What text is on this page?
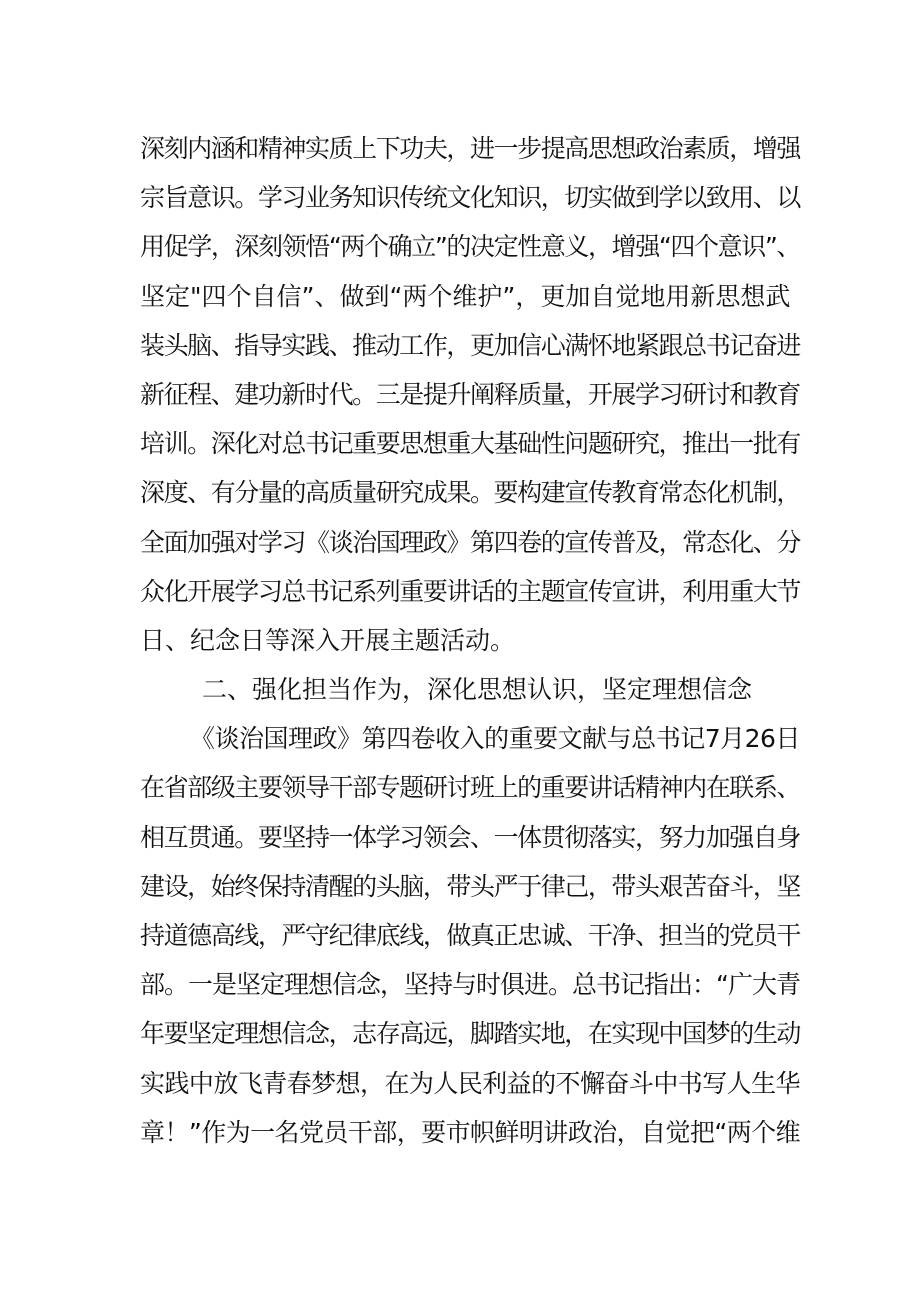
深刻内涵和精神实质上下功夫，进一步提高思想政治素质，增强
宗旨意识。学习业务知识传统文化知识，切实做到学以致用、以
用促学，深刻领悟“两个确立”的决定性意义，增强“四个意识”、
坚定"四个自信”、做到“两个维护”，更加自觉地用新思想武
装头脑、指导实践、推动工作，更加信心满怀地紧跟总书记奋进
新征程、建功新时代。三是提升阐释质量，开展学习研讨和教育
培训。深化对总书记重要思想重大基础性问题研究，推出一批有
深度、有分量的高质量研究成果。要构建宣传教育常态化机制，
全面加强对学习《谈治国理政》第四卷的宣传普及，常态化、分
众化开展学习总书记系列重要讲话的主题宣传宣讲，利用重大节
日、纪念日等深入开展主题活动。
二、强化担当作为，深化思想认识，坚定理想信念
《谈治国理政》第四卷收入的重要文献与总书记7月26日
在省部级主要领导干部专题研讨班上的重要讲话精神内在联系、
相互贯通。要坚持一体学习领会、一体贯彻落实，努力加强自身
建设，始终保持清醒的头脑，带头严于律己，带头艰苦奋斗，坚
持道德高线，严守纪律底线，做真正忠诚、干净、担当的党员干
部。一是坚定理想信念，坚持与时俱进。总书记指出：“广大青
年要坚定理想信念，志存高远，脚踏实地，在实现中国梦的生动
实践中放飞青春梦想，在为人民利益的不懈奋斗中书写人生华
章！”作为一名党员干部，要市帜鲜明讲政治，自觉把“两个维
